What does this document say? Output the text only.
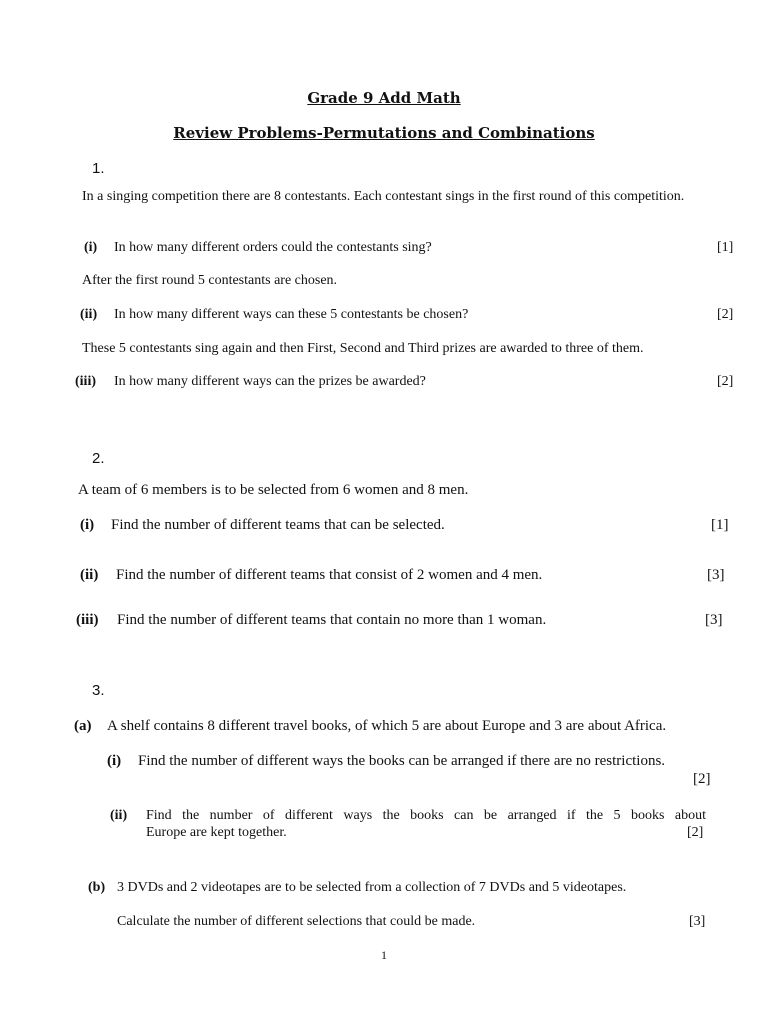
Grade 9 Add Math
Review Problems-Permutations and Combinations
1.
In a singing competition there are 8 contestants. Each contestant sings in the first round of this competition.
(i) In how many different orders could the contestants sing?	[1]
After the first round 5 contestants are chosen.
(ii) In how many different ways can these 5 contestants be chosen?	[2]
These 5 contestants sing again and then First, Second and Third prizes are awarded to three of them.
(iii) In how many different ways can the prizes be awarded?	[2]
2.
A team of 6 members is to be selected from 6 women and 8 men.
(i) Find the number of different teams that can be selected.	[1]
(ii) Find the number of different teams that consist of 2 women and 4 men.	[3]
(iii) Find the number of different teams that contain no more than 1 woman.	[3]
3.
(a) A shelf contains 8 different travel books, of which 5 are about Europe and 3 are about Africa.
(i) Find the number of different ways the books can be arranged if there are no restrictions.
[2]
(ii) Find the number of different ways the books can be arranged if the 5 books about
Europe are kept together.	[2]
(b) 3 DVDs and 2 videotapes are to be selected from a collection of 7 DVDs and 5 videotapes.
Calculate the number of different selections that could be made.	[3]
1
